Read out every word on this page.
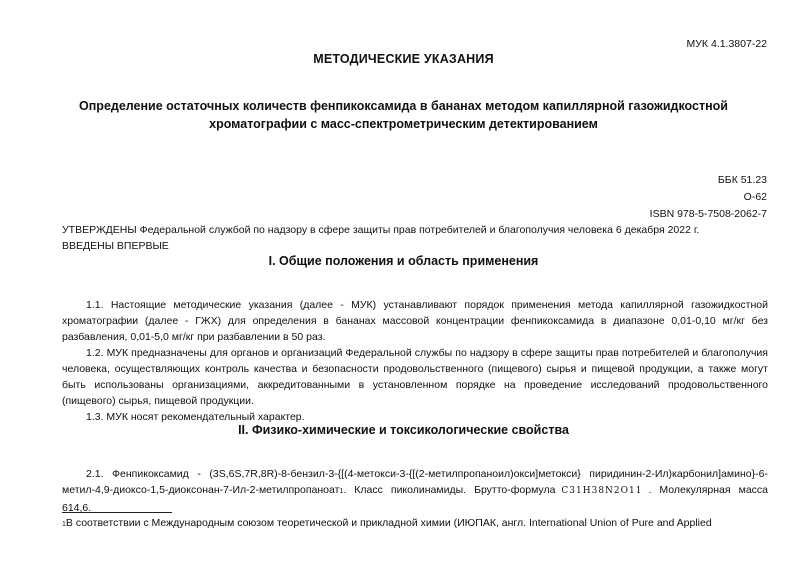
МУК 4.1.3807-22
МЕТОДИЧЕСКИЕ УКАЗАНИЯ
Определение остаточных количеств фенпикоксамида в бананах методом капиллярной газожидкостной
хроматографии с масс-спектрометрическим детектированием
ББК 51.23
О-62
ISBN 978-5-7508-2062-7
УТВЕРЖДЕНЫ Федеральной службой по надзору в сфере защиты прав потребителей и благополучия человека 6 декабря 2022 г.
ВВЕДЕНЫ ВПЕРВЫЕ
I. Общие положения и область применения

1.1. Настоящие методические указания (далее - МУК) устанавливают порядок применения метода капиллярной газожидкостной хроматографии (далее - ГЖХ) для определения в бананах массовой концентрации фенпикоксамида в диапазоне 0,01-0,10 мг/кг без разбавления, 0,01-5,0 мг/кг при разбавлении в 50 раз.

1.2. МУК предназначены для органов и организаций Федеральной службы по надзору в сфере защиты прав потребителей и благополучия человека, осуществляющих контроль качества и безопасности продовольственного (пищевого) сырья и пищевой продукции, а также могут быть использованы организациями, аккредитованными в установленном порядке на проведение исследований продовольственного (пищевого) сырья, пищевой продукции.

1.3. МУК носят рекомендательный характер.

II. Физико-химические и токсикологические свойства

2.1. Фенпикоксамид - (3S,6S,7R,8R)-8-бензил-3-{[(4-метокси-3-{[(2-метилпропаноил)окси]метокси} пиридинин-2-Ил)карбонил]амино}-6-метил-4,9-диоксо-1,5-диоксонан-7-Ил-2-метилпропаноат1. Класс пиколинамиды. Брутто-формула C31H38N2O11 . Молекулярная масса 614,6.

1В соответствии с Международным союзом теоретической и прикладной химии (ИЮПАК, англ. International Union of Pure and Applied
